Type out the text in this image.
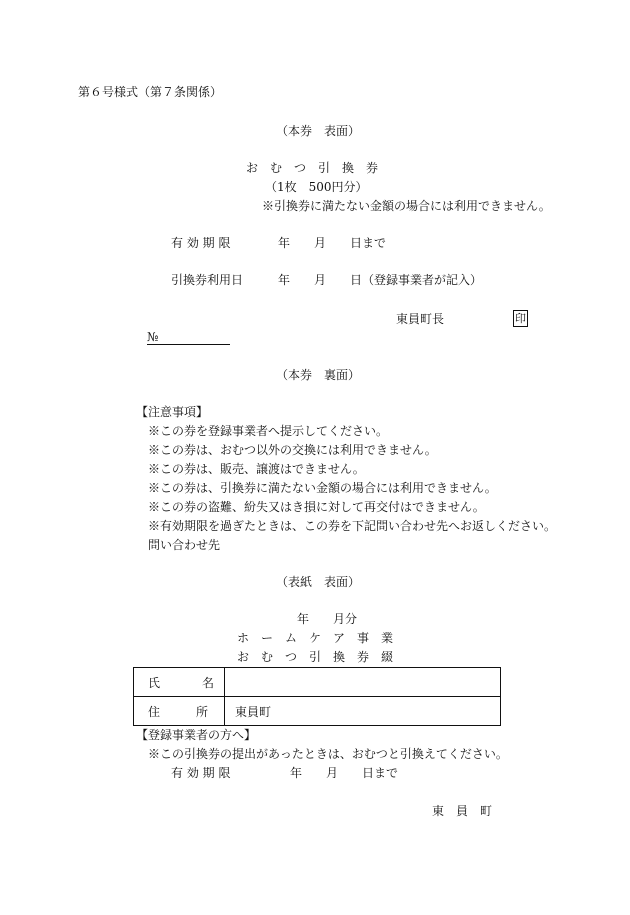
第６号様式（第７条関係）
（本券　表面）
お　む　つ　引　換　券
（1枚　500円分）
※引換券に満たない金額の場合には利用できません。
有 効 期 限	年　　月　　日まで
引換券利用日	年　　月　　日（登録事業者が記入）
東員町長	印
№
（本券　裏面）
【注意事項】
※この券を登録事業者へ提示してください。
※この券は、おむつ以外の交換には利用できません。
※この券は、販売、譲渡はできません。
※この券は、引換券に満たない金額の場合には利用できません。
※この券の盗難、紛失又はき損に対して再交付はできません。
※有効期限を過ぎたときは、この券を下記問い合わせ先へお返しください。
問い合わせ先
（表紙　表面）
年　　月分
ホ　ー　ム　ケ　ア　事　業
お　む　つ　引　換　券　綴
氏 名	

住 所	東員町
【登録事業者の方へ】
※この引換券の提出があったときは、おむつと引換えてください。
有 効 期 限	年　　月　　日まで
東　員　町
